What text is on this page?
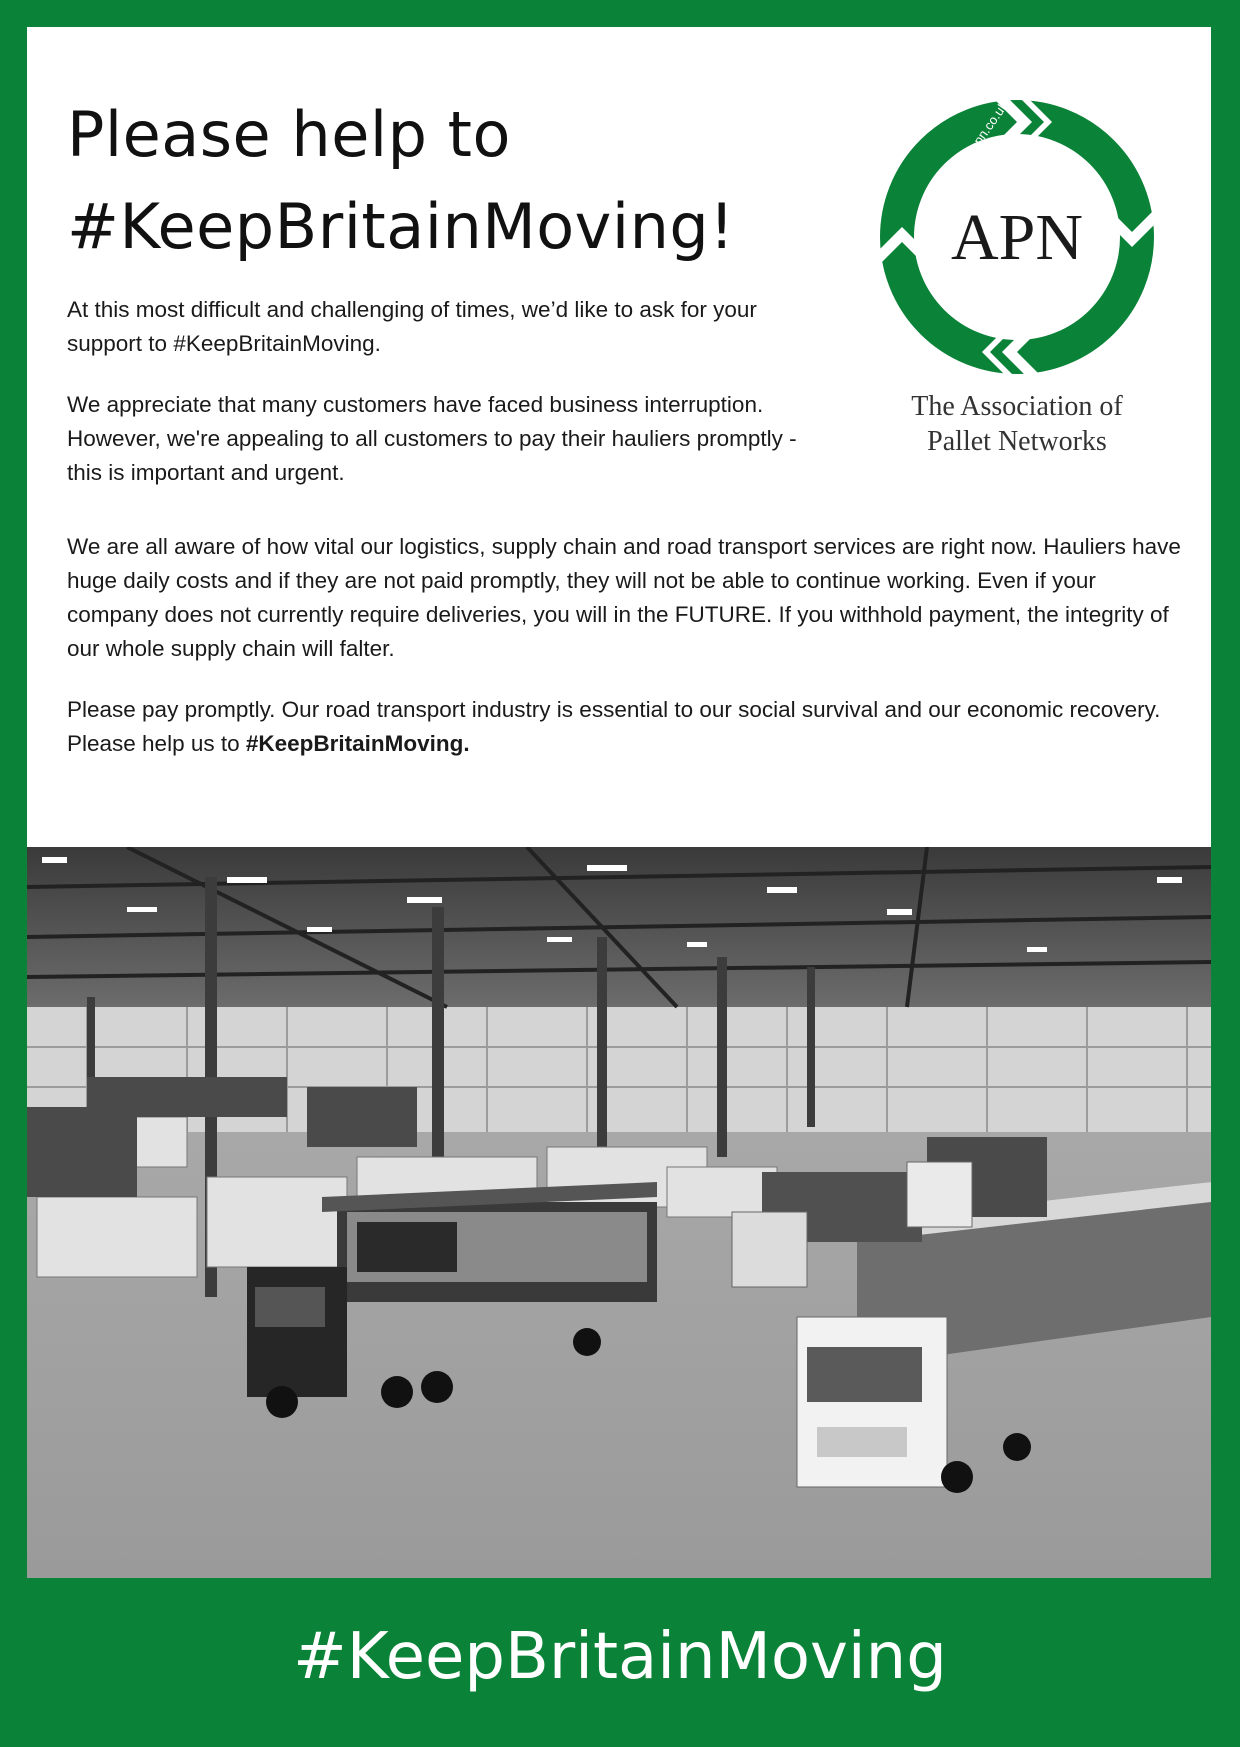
Please help to
#KeepBritainMoving!

At this most difficult and challenging of times, we’d like to ask for your support to #KeepBritainMoving.

We appreciate that many customers have faced business interruption. However, we're appealing to all customers to pay their hauliers promptly - this is important and urgent.

We are all aware of how vital our logistics, supply chain and road transport services are right now. Hauliers have huge daily costs and if they are not paid promptly, they will not be able to continue working. Even if your company does not currently require deliveries, you will in the FUTURE. If you withhold payment, the integrity of our whole supply chain will falter.

Please pay promptly. Our road transport industry is essential to our social survival and our economic recovery. Please help us to #KeepBritainMoving.

www.theapn.co.uk
APN
The Association of
Pallet Networks
#KeepBritainMoving
